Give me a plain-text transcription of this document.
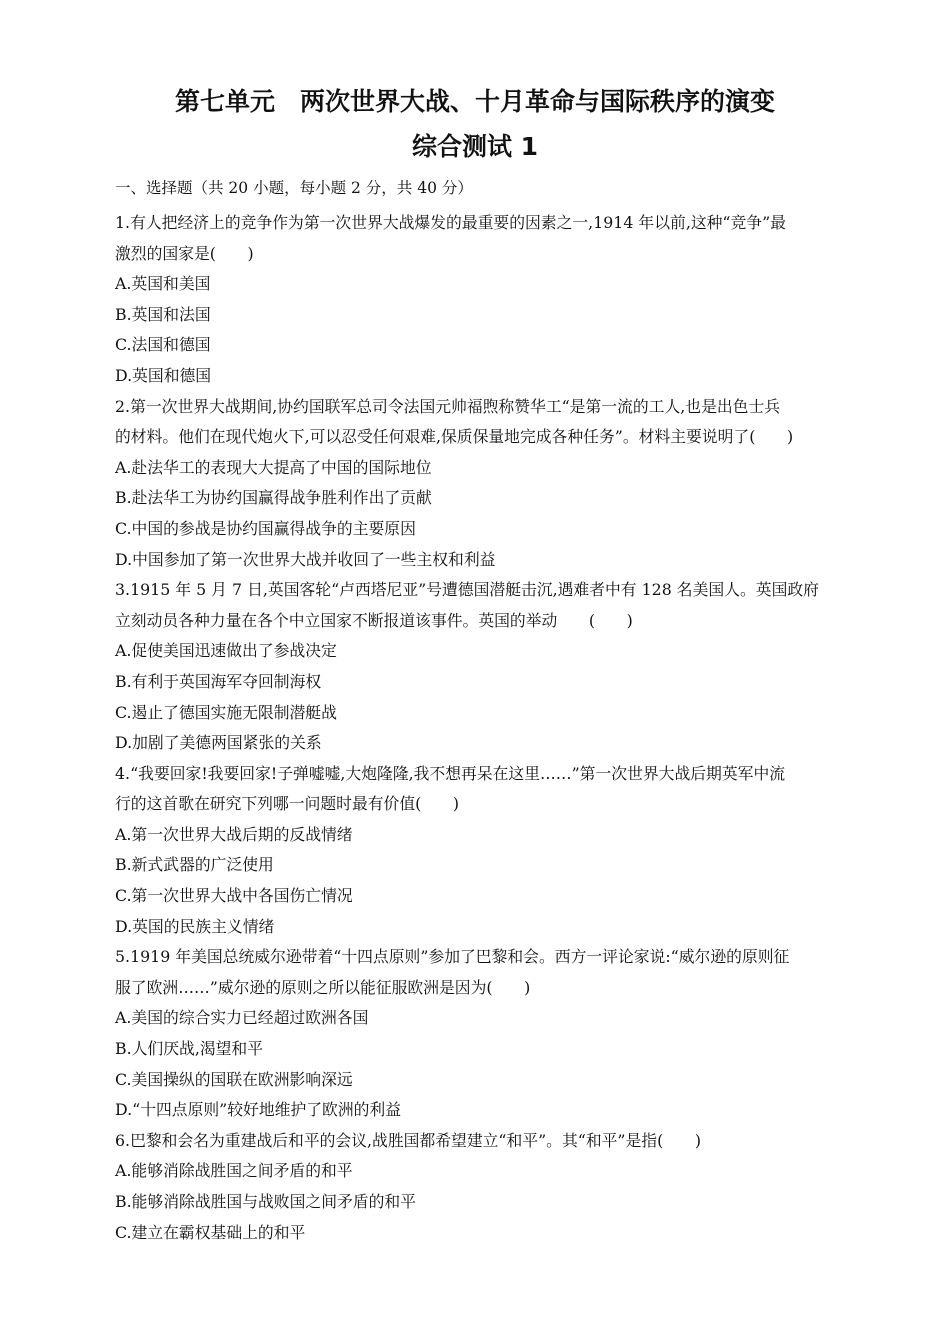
第七单元　两次世界大战、十月革命与国际秩序的演变
综合测试 1
一、选择题（共 20 小题，每小题 2 分，共 40 分）
1.有人把经济上的竞争作为第一次世界大战爆发的最重要的因素之一,1914 年以前,这种“竞争”最
激烈的国家是(　　)
A.英国和美国
B.英国和法国
C.法国和德国
D.英国和德国
2.第一次世界大战期间,协约国联军总司令法国元帅福煦称赞华工“是第一流的工人,也是出色士兵
的材料。他们在现代炮火下,可以忍受任何艰难,保质保量地完成各种任务”。材料主要说明了(　　)
A.赴法华工的表现大大提高了中国的国际地位
B.赴法华工为协约国赢得战争胜利作出了贡献
C.中国的参战是协约国赢得战争的主要原因
D.中国参加了第一次世界大战并收回了一些主权和利益
3.1915 年 5 月 7 日,英国客轮“卢西塔尼亚”号遭德国潜艇击沉,遇难者中有 128 名美国人。英国政府
立刻动员各种力量在各个中立国家不断报道该事件。英国的举动　　(　　)
A.促使美国迅速做出了参战决定
B.有利于英国海军夺回制海权
C.遏止了德国实施无限制潜艇战
D.加剧了美德两国紧张的关系
4.“我要回家!我要回家!子弹嘘嘘,大炮隆隆,我不想再呆在这里……”第一次世界大战后期英军中流
行的这首歌在研究下列哪一问题时最有价值(　　)
A.第一次世界大战后期的反战情绪
B.新式武器的广泛使用
C.第一次世界大战中各国伤亡情况
D.英国的民族主义情绪
5.1919 年美国总统威尔逊带着“十四点原则”参加了巴黎和会。西方一评论家说:“威尔逊的原则征
服了欧洲……”威尔逊的原则之所以能征服欧洲是因为(　　)
A.美国的综合实力已经超过欧洲各国
B.人们厌战,渴望和平
C.美国操纵的国联在欧洲影响深远
D.“十四点原则”较好地维护了欧洲的利益
6.巴黎和会名为重建战后和平的会议,战胜国都希望建立“和平”。其“和平”是指(　　)
A.能够消除战胜国之间矛盾的和平
B.能够消除战胜国与战败国之间矛盾的和平
C.建立在霸权基础上的和平
